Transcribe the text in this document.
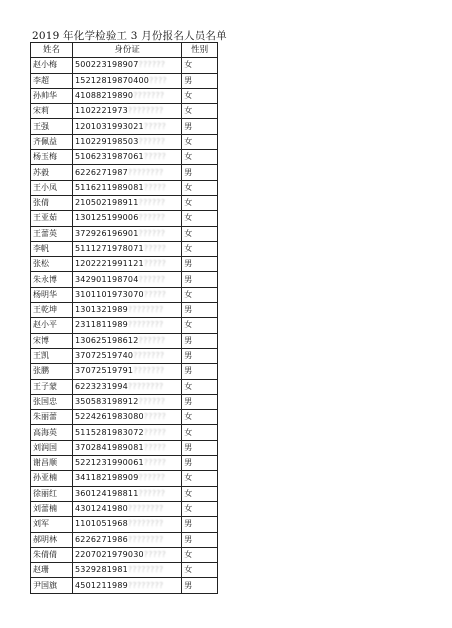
2019 年化学检验工 3 月份报名人员名单
姓名	身份证	性别
赵小梅	500223198907??????	女
李超	15212819870400????	男
孙帅华	41088219890???????	女
宋莉	1102221973????????	女
王强	1201031993021?????	男
齐佩益	110229198503??????	女
杨玉梅	5106231987061?????	女
苏毅	6226271987????????	男
王小凤	5116211989081?????	女
张倩	210502198911??????	女
王亚茹	130125199006??????	女
王蕾英	372926196901??????	女
李帆	5111271978071?????	女
张松	1202221991121?????	男
朱永博	342901198704??????	男
杨明华	3101101973070?????	女
王乾坤	1301321989????????	男
赵小平	2311811989????????	女
宋博	130625198612??????	男
王凯	37072519740???????	男
张鹏	37072519791???????	男
王子蒙	6223231994????????	女
张国忠	350583198912??????	男
朱丽蕾	5224261983080?????	女
高海英	5115281983072?????	女
刘润国	3702841989081?????	男
谢昌顺	5221231990061?????	男
孙亚楠	341182198909??????	女
徐丽红	360124198811??????	女
刘蕾楠	4301241980????????	女
刘军	1101051968????????	男
郝明林	6226271986????????	男
朱倩倩	2207021979030?????	女
赵珊	5329281981????????	女
尹国旗	4501211989????????	男
